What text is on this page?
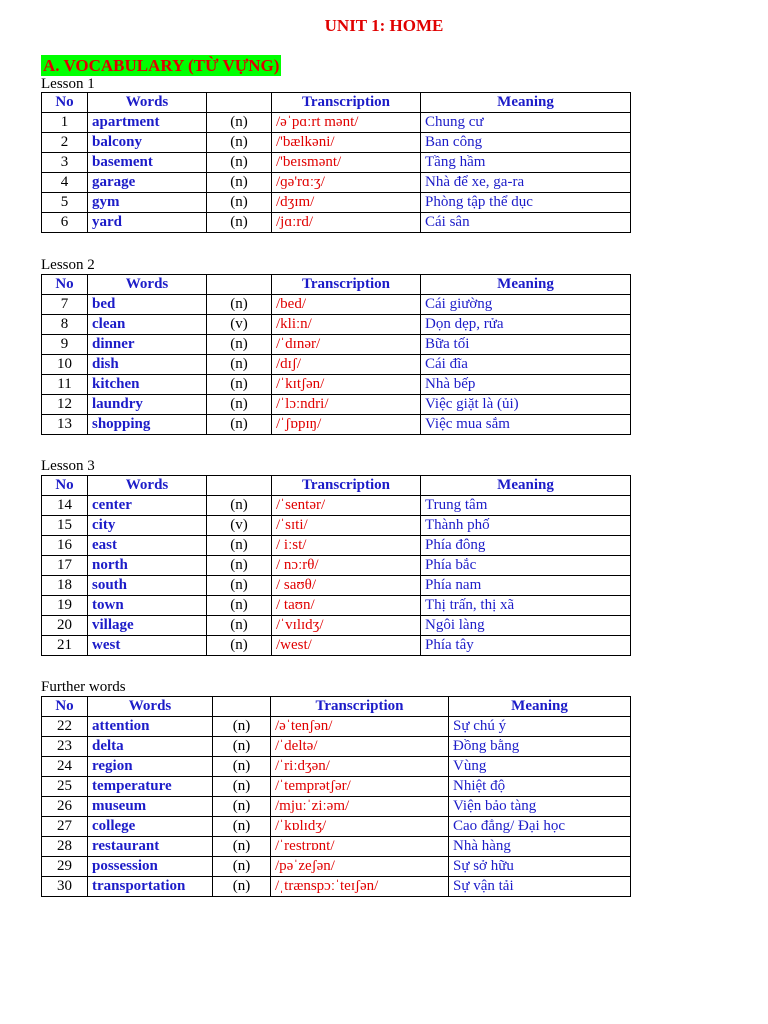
UNIT 1: HOME
A. VOCABULARY (TỪ VỰNG)
Lesson 1
No	Words		Transcription	Meaning
1	apartment	(n)	/əˈpɑːrt mənt/	Chung cư
2	balcony	(n)	/'bælkəni/	Ban công
3	basement	(n)	/'beɪsmənt/	Tầng hầm
4	garage	(n)	/ɡə'rɑːʒ/	Nhà để xe, ga-ra
5	gym	(n)	/dʒɪm/	Phòng tập thể dục
6	yard	(n)	/jɑːrd/	Cái sân
Lesson 2
No	Words		Transcription	Meaning
7	bed	(n)	/bed/	Cái giường
8	clean	(v)	/kliːn/	Dọn dẹp, rửa
9	dinner	(n)	/ˈdɪnər/	Bữa tối
10	dish	(n)	/dɪʃ/	Cái đĩa
11	kitchen	(n)	/ˈkɪtʃən/	Nhà bếp
12	laundry	(n)	/ˈlɔːndri/	Việc giặt là (ủi)
13	shopping	(n)	/ˈʃɒpɪŋ/	Việc mua sắm
Lesson 3
No	Words		Transcription	Meaning
14	center	(n)	/ˈsentər/	Trung tâm
15	city	(v)	/ˈsɪti/	Thành phố
16	east	(n)	/ iːst/	Phía đông
17	north	(n)	/ nɔːrθ/	Phía bắc
18	south	(n)	/ saʊθ/	Phía nam
19	town	(n)	/ taʊn/	Thị trấn, thị xã
20	village	(n)	/ˈvɪlɪdʒ/	Ngôi làng
21	west	(n)	/west/	Phía tây
Further words
No	Words		Transcription	Meaning
22	attention	(n)	/əˈtenʃən/	Sự chú ý
23	delta	(n)	/ˈdeltə/	Đồng bằng
24	region	(n)	/ˈriːdʒən/	Vùng
25	temperature	(n)	/ˈtemprətʃər/	Nhiệt độ
26	museum	(n)	/mjuːˈziːəm/	Viện bảo tàng
27	college	(n)	/ˈkɒlɪdʒ/	Cao đẳng/ Đại học
28	restaurant	(n)	/ˈrestrɒnt/	Nhà hàng
29	possession	(n)	/pəˈzeʃən/	Sự sở hữu
30	transportation	(n)	/ˌtrænspɔːˈteɪʃən/	Sự vận tải
